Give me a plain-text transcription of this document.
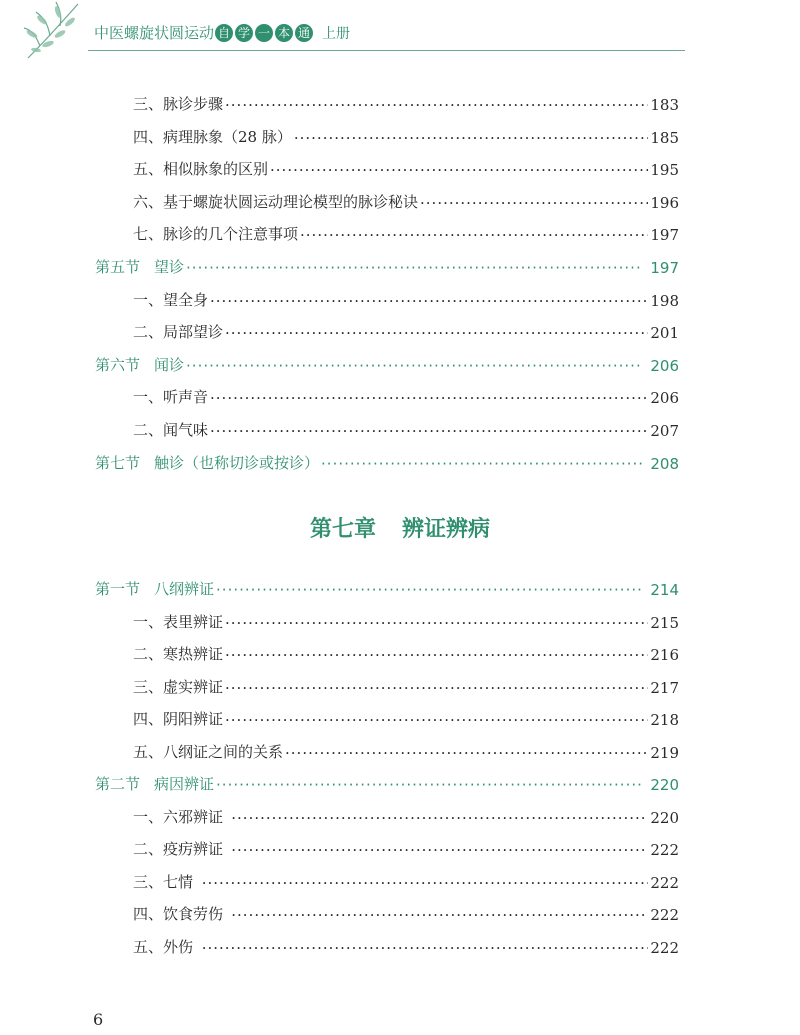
中医螺旋状圆运动 自 学 一 本 通 上册
三、脉诊步骤 ·····	183
四、病理脉象（28 脉） ·····	185
五、相似脉象的区别 ·····	195
六、基于螺旋状圆运动理论模型的脉诊秘诀 ·····	196
七、脉诊的几个注意事项 ·····	197
第五节 望诊 ·····	197
一、望全身 ·····	198
二、局部望诊 ·····	201
第六节 闻诊 ·····	206
一、听声音 ·····	206
二、闻气味 ·····	207
第七节 触诊（也称切诊或按诊） ·····	208
第七章 辨证辨病
第一节 八纲辨证 ·····	214
一、表里辨证 ·····	215
二、寒热辨证 ·····	216
三、虚实辨证 ·····	217
四、阴阳辨证 ·····	218
五、八纲证之间的关系 ·····	219
第二节 病因辨证 ·····	220
一、六邪辨证 ·····	220
二、疫疠辨证 ·····	222
三、七情 ·····	222
四、饮食劳伤 ·····	222
五、外伤 ·····	222
6
